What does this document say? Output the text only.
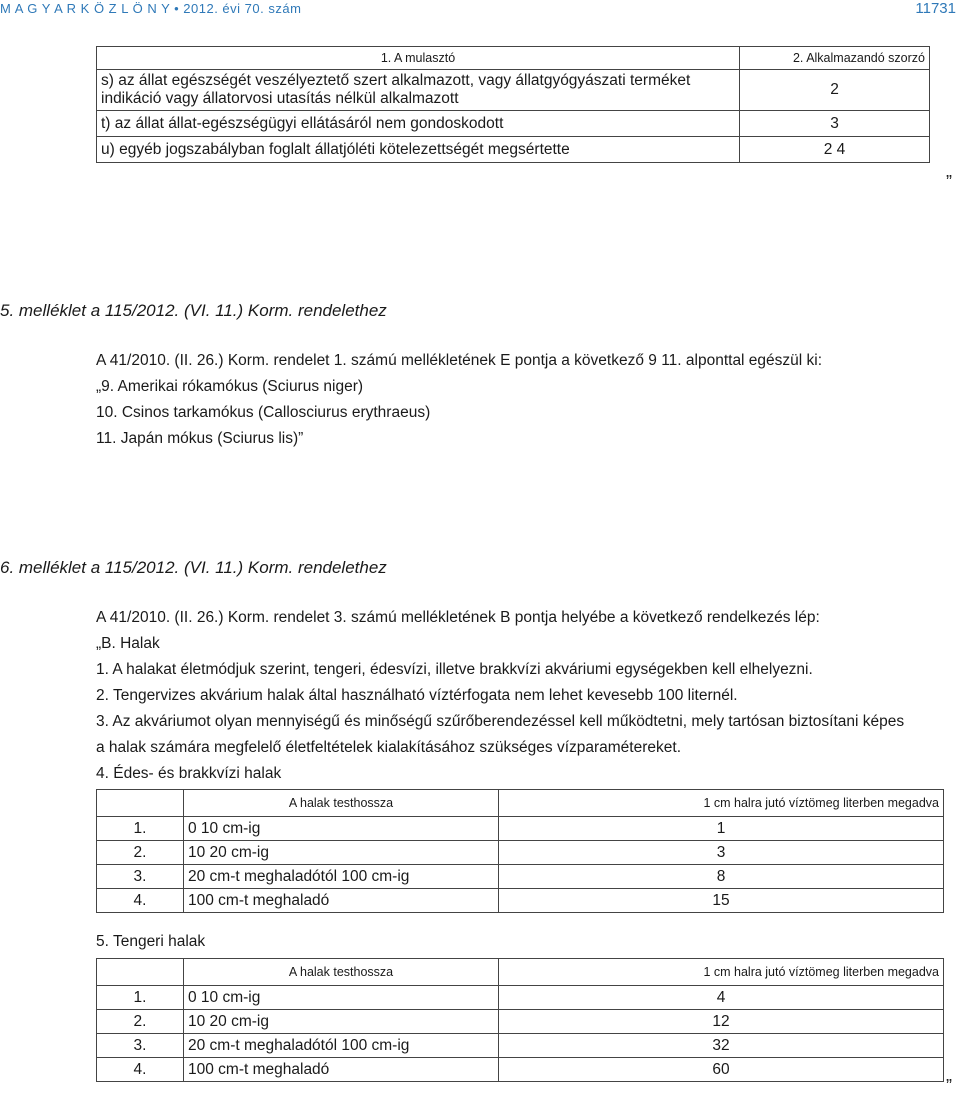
M A G Y A R K Ö Z L Ö N Y • 2012. évi 70. szám	11731
1. A mulasztó	2. Alkalmazandó szorzó
s) az állat egészségét veszélyeztető szert alkalmazott, vagy állatgyógyászati terméket indikáció vagy állatorvosi utasítás nélkül alkalmazott	2
t) az állat állat-egészségügyi ellátásáról nem gondoskodott	3
u) egyéb jogszabályban foglalt állatjóléti kötelezettségét megsértette	2 4
”
5. melléklet a 115/2012. (VI. 11.) Korm. rendelethez
A 41/2010. (II. 26.) Korm. rendelet 1. számú mellékletének E pontja a következő 9 11. alponttal egészül ki:
„9. Amerikai rókamókus (Sciurus niger)
10. Csinos tarkamókus (Callosciurus erythraeus)
11. Japán mókus (Sciurus lis)”
6. melléklet a 115/2012. (VI. 11.) Korm. rendelethez
A 41/2010. (II. 26.) Korm. rendelet 3. számú mellékletének B pontja helyébe a következő rendelkezés lép:
„B. Halak
1. A halakat életmódjuk szerint, tengeri, édesvízi, illetve brakkvízi akváriumi egységekben kell elhelyezni.
2. Tengervizes akvárium halak által használható víztérfogata nem lehet kevesebb 100 liternél.
3. Az akváriumot olyan mennyiségű és minőségű szűrőberendezéssel kell működtetni, mely tartósan biztosítani képes
a halak számára megfelelő életfeltételek kialakításához szükséges vízparamétereket.
4. Édes- és brakkvízi halak
	A halak testhossza	1 cm halra jutó víztömeg literben megadva
1.	0 10 cm-ig	1
2.	10 20 cm-ig	3
3.	20 cm-t meghaladótól 100 cm-ig	8
4.	100 cm-t meghaladó	15
5. Tengeri halak
	A halak testhossza	1 cm halra jutó víztömeg literben megadva
1.	0 10 cm-ig	4
2.	10 20 cm-ig	12
3.	20 cm-t meghaladótól 100 cm-ig	32
4.	100 cm-t meghaladó	60
”
